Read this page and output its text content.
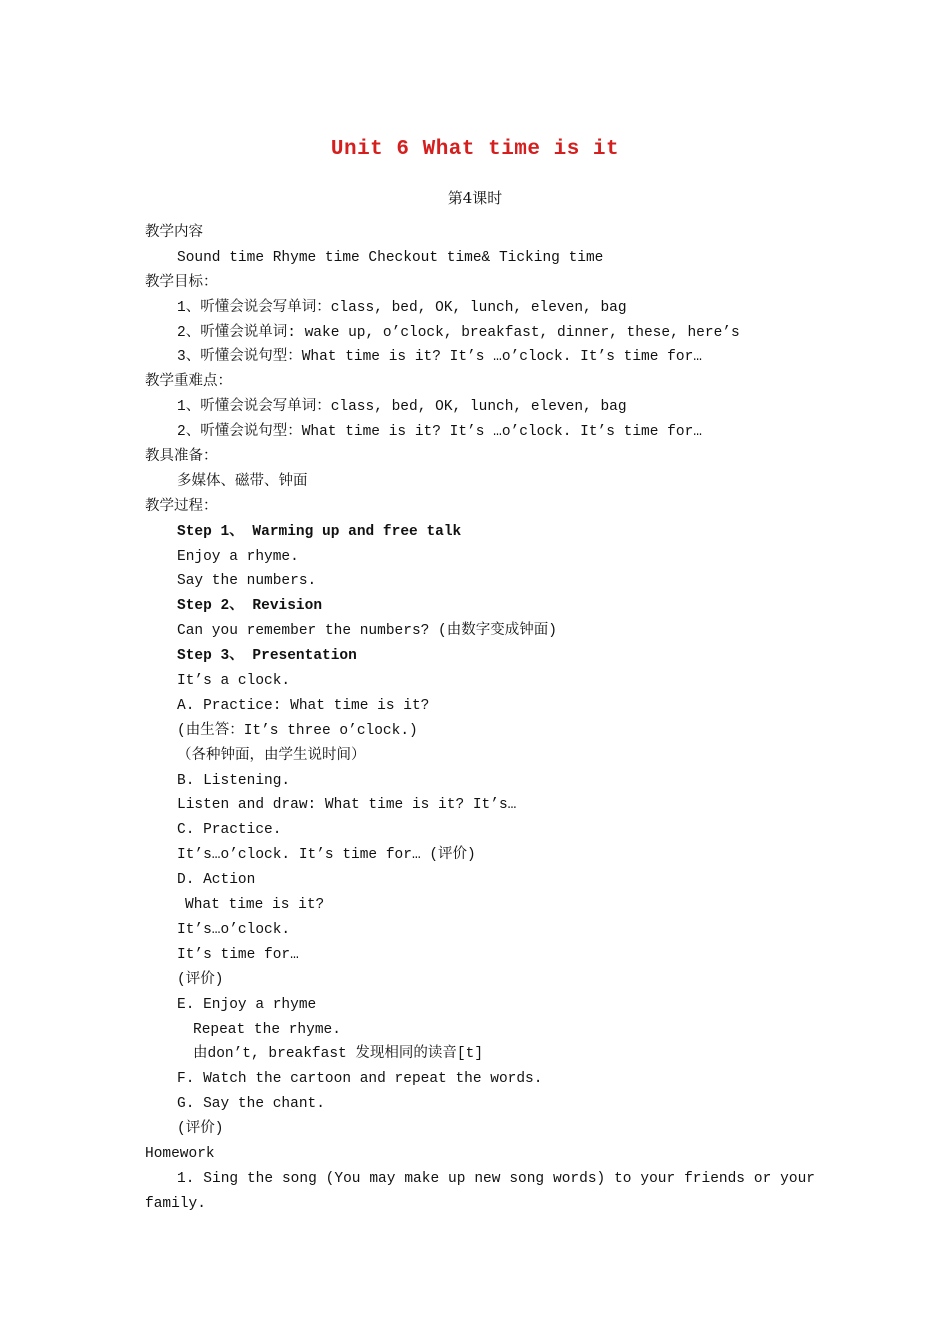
Unit 6 What time is it
第4课时
教学内容
Sound time Rhyme time Checkout time& Ticking time
教学目标：
1、听懂会说会写单词：class, bed, OK, lunch, eleven, bag
2、听懂会说单词: wake up, o’clock, breakfast, dinner, these, here’s
3、听懂会说句型：What time is it? It’s …o’clock. It’s time for…
教学重难点：
1、听懂会说会写单词：class, bed, OK, lunch, eleven, bag
2、听懂会说句型：What time is it? It’s …o’clock. It’s time for…
教具准备：
多媒体、磁带、钟面
教学过程：
Step 1、 Warming up and free talk
Enjoy a rhyme.
Say the numbers.
Step 2、 Revision
Can you remember the numbers? (由数字变成钟面)
Step 3、 Presentation
It’s a clock.
A. Practice: What time is it?
(由生答：It’s three o’clock.)
（各种钟面，由学生说时间）
B. Listening.
Listen and draw: What time is it? It’s…
C. Practice.
It’s…o’clock. It’s time for… (评价)
D. Action
What time is it?
It’s…o’clock.
It’s time for…
(评价)
E. Enjoy a rhyme
Repeat the rhyme.
由don’t, breakfast 发现相同的读音[t]
F. Watch the cartoon and repeat the words.
G. Say the chant.
(评价)
Homework
1. Sing the song (You may make up new song words) to your friends or your family.
